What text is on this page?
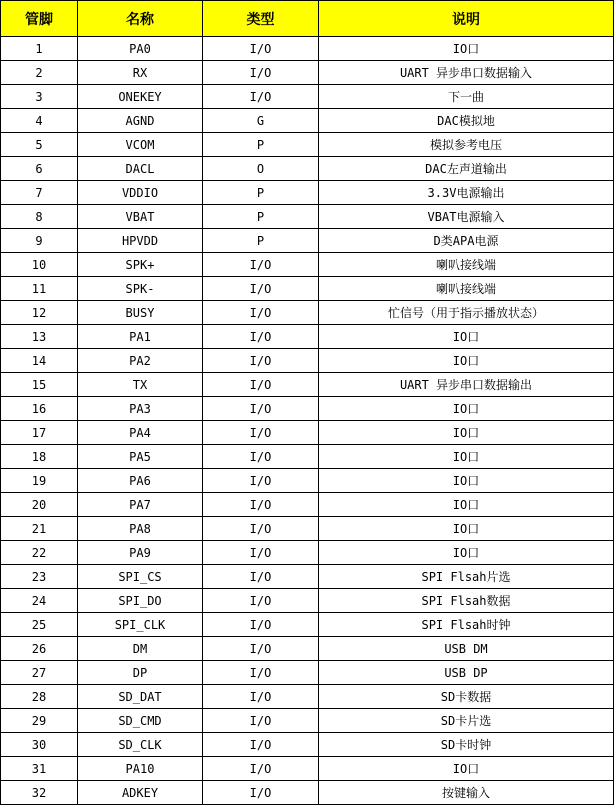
管脚	名称	类型	说明
1	PA0	I/O	IO口
2	RX	I/O	UART 异步串口数据输入
3	ONEKEY	I/O	下一曲
4	AGND	G	DAC模拟地
5	VCOM	P	模拟参考电压
6	DACL	O	DAC左声道输出
7	VDDIO	P	3.3V电源输出
8	VBAT	P	VBAT电源输入
9	HPVDD	P	D类APA电源
10	SPK+	I/O	喇叭接线端
11	SPK-	I/O	喇叭接线端
12	BUSY	I/O	忙信号（用于指示播放状态）
13	PA1	I/O	IO口
14	PA2	I/O	IO口
15	TX	I/O	UART 异步串口数据输出
16	PA3	I/O	IO口
17	PA4	I/O	IO口
18	PA5	I/O	IO口
19	PA6	I/O	IO口
20	PA7	I/O	IO口
21	PA8	I/O	IO口
22	PA9	I/O	IO口
23	SPI_CS	I/O	SPI Flsah片选
24	SPI_DO	I/O	SPI Flsah数据
25	SPI_CLK	I/O	SPI Flsah时钟
26	DM	I/O	USB DM
27	DP	I/O	USB DP
28	SD_DAT	I/O	SD卡数据
29	SD_CMD	I/O	SD卡片选
30	SD_CLK	I/O	SD卡时钟
31	PA10	I/O	IO口
32	ADKEY	I/O	按键输入
